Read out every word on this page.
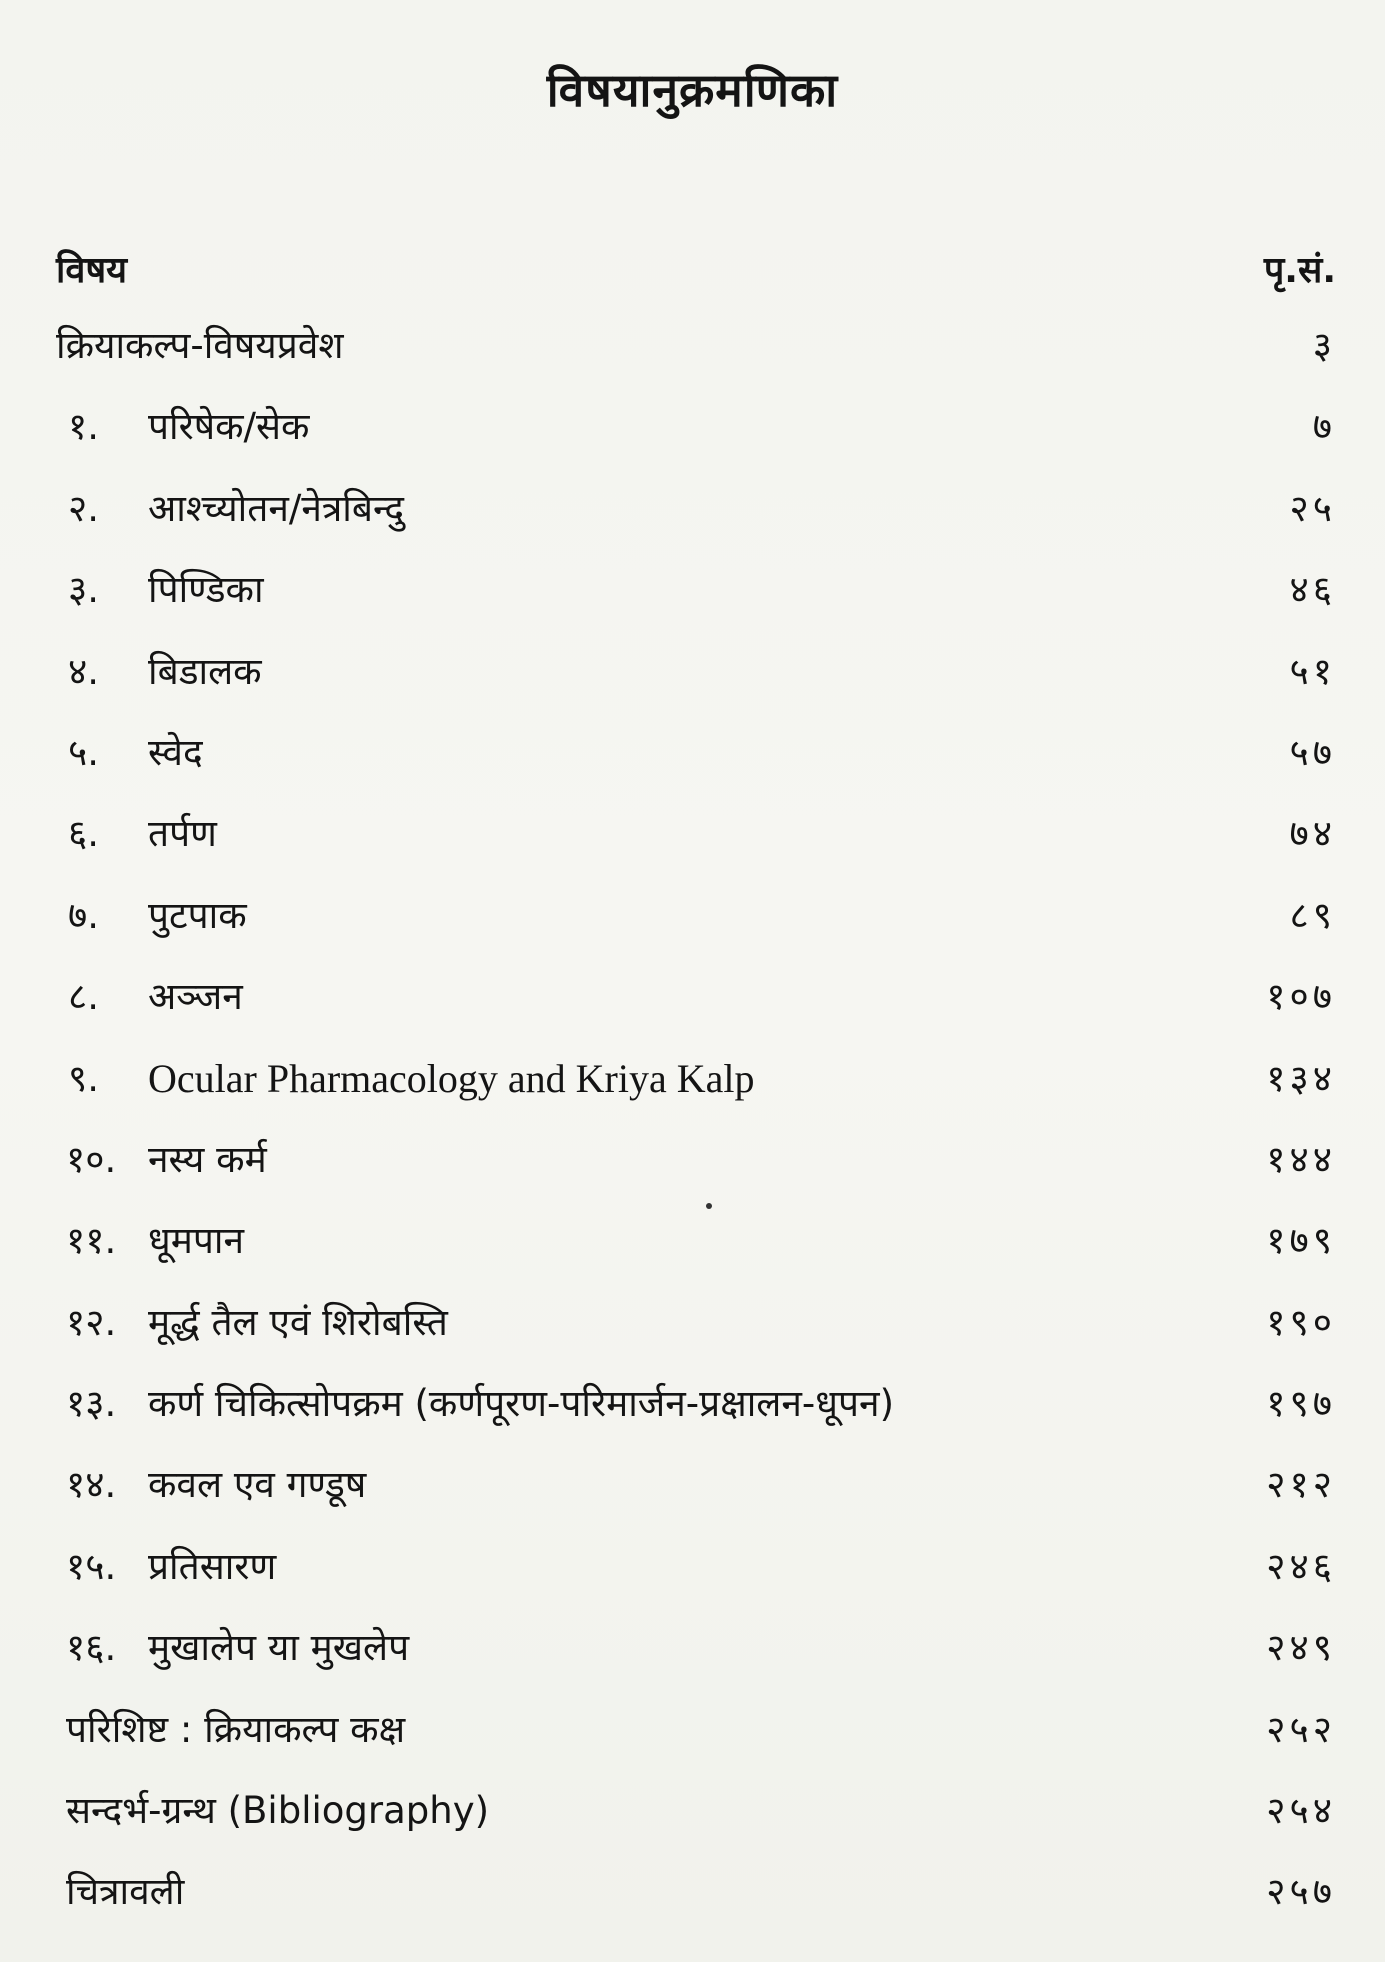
विषयानुक्रमणिका
विषय	पृ.सं.
क्रियाकल्प-विषयप्रवेश	३
१.	परिषेक/सेक	७
२.	आश्च्योतन/नेत्रबिन्दु	२५
३.	पिण्डिका	४६
४.	बिडालक	५१
५.	स्वेद	५७
६.	तर्पण	७४
७.	पुटपाक	८९
८.	अञ्जन	१०७
९.	Ocular Pharmacology and Kriya Kalp	१३४
१०. नस्य कर्म	१४४
११. धूमपान	१७९
१२. मूर्द्ध तैल एवं शिरोबस्ति	१९०
१३. कर्ण चिकित्सोपक्रम (कर्णपूरण-परिमार्जन-प्रक्षालन-धूपन)	१९७
१४. कवल एव गण्डूष	२१२
१५. प्रतिसारण	२४६
१६. मुखालेप या मुखलेप	२४९
परिशिष्ट : क्रियाकल्प कक्ष	२५२
सन्दर्भ-ग्रन्थ (Bibliography)	२५४
चित्रावली	२५७
